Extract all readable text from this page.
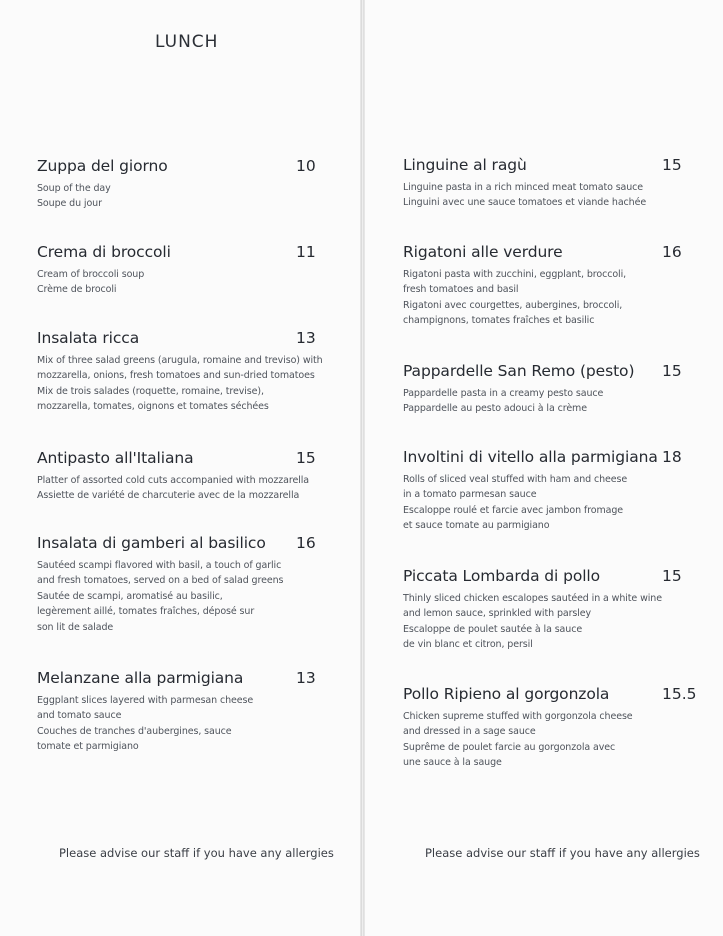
LUNCH
Zuppa del giorno	10
Soup of the day
Soupe du jour
Crema di broccoli	11
Cream of broccoli soup
Crème de brocoli
Insalata ricca	13
Mix of three salad greens (arugula, romaine and treviso) with
mozzarella, onions, fresh tomatoes and sun-dried tomatoes
Mix de trois salades (roquette, romaine, trevise),
mozzarella, tomates, oignons et tomates séchées
Antipasto all'Italiana	15
Platter of assorted cold cuts accompanied with mozzarella
Assiette de variété de charcuterie avec de la mozzarella
Insalata di gamberi al basilico	16
Sautéed scampi flavored with basil, a touch of garlic
and fresh tomatoes, served on a bed of salad greens
Sautée de scampi, aromatisé au basilic,
legèrement aillé, tomates fraîches, déposé sur
son lit de salade
Melanzane alla parmigiana	13
Eggplant slices layered with parmesan cheese
and tomato sauce
Couches de tranches d'aubergines, sauce
tomate et parmigiano
Please advise our staff if you have any allergies
Linguine al ragù	15
Linguine pasta in a rich minced meat tomato sauce
Linguini avec une sauce tomatoes et viande hachée
Rigatoni alle verdure	16
Rigatoni pasta with zucchini, eggplant, broccoli,
fresh tomatoes and basil
Rigatoni avec courgettes, aubergines, broccoli,
champignons, tomates fraîches et basilic
Pappardelle San Remo (pesto)	15
Pappardelle pasta in a creamy pesto sauce
Pappardelle au pesto adouci à la crème
Involtini di vitello alla parmigiana 18
Rolls of sliced veal stuffed with ham and cheese
in a tomato parmesan sauce
Escaloppe roulé et farcie avec jambon fromage
et sauce tomate au parmigiano
Piccata Lombarda di pollo	15
Thinly sliced chicken escalopes sautéed in a white wine
and lemon sauce, sprinkled with parsley
Escaloppe de poulet sautée à la sauce
de vin blanc et citron, persil
Pollo Ripieno al gorgonzola	15.5
Chicken supreme stuffed with gorgonzola cheese
and dressed in a sage sauce
Suprême de poulet farcie au gorgonzola avec
une sauce à la sauge
Please advise our staff if you have any allergies
